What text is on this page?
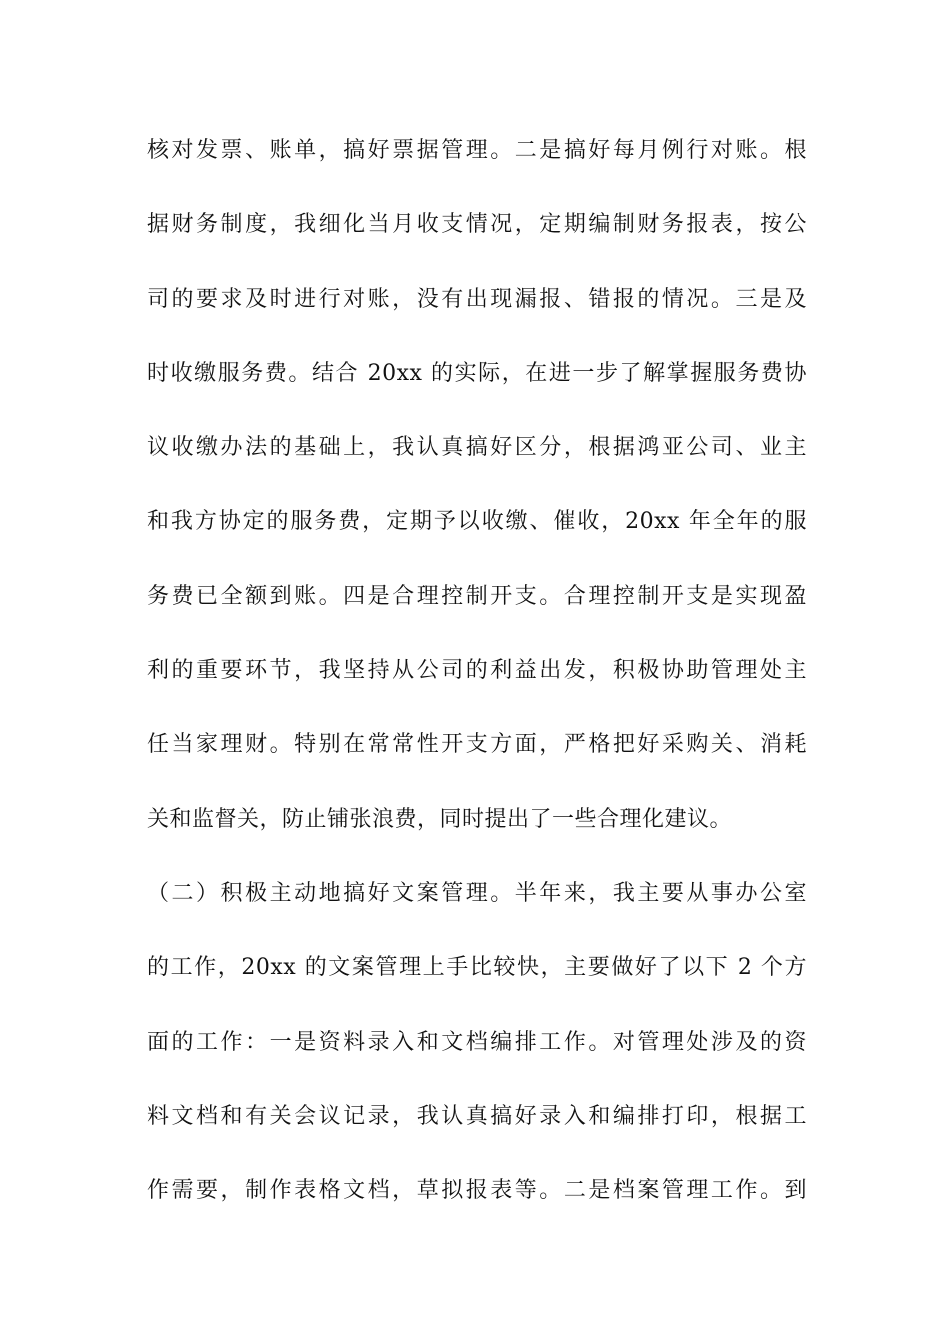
核对发票、账单，搞好票据管理。二是搞好每月例行对账。根
据财务制度，我细化当月收支情况，定期编制财务报表，按公
司的要求及时进行对账，没有出现漏报、错报的情况。三是及
时收缴服务费。结合 20xx 的实际，在进一步了解掌握服务费协
议收缴办法的基础上，我认真搞好区分，根据鸿亚公司、业主
和我方协定的服务费，定期予以收缴、催收，20xx 年全年的服
务费已全额到账。四是合理控制开支。合理控制开支是实现盈
利的重要环节，我坚持从公司的利益出发，积极协助管理处主
任当家理财。特别在常常性开支方面，严格把好采购关、消耗
关和监督关，防止铺张浪费，同时提出了一些合理化建议。
（二）积极主动地搞好文案管理。半年来，我主要从事办公室
的工作，20xx 的文案管理上手比较快，主要做好了以下 2 个方
面的工作：一是资料录入和文档编排工作。对管理处涉及的资
料文档和有关会议记录，我认真搞好录入和编排打印，根据工
作需要，制作表格文档，草拟报表等。二是档案管理工作。到
